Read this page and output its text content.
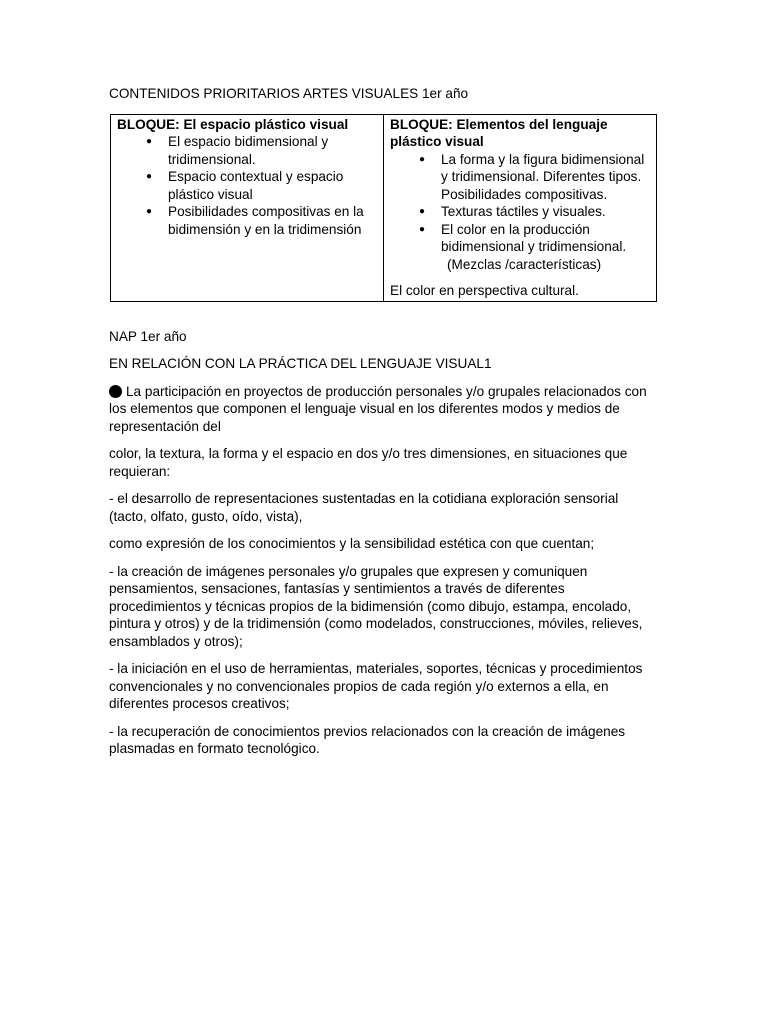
CONTENIDOS PRIORITARIOS ARTES VISUALES 1er año
BLOQUE: El espacio plástico visual
● El espacio bidimensional y tridimensional.
● Espacio contextual y espacio plástico visual
● Posibilidades compositivas en la bidimensión y en la tridimensión

BLOQUE: Elementos del lenguaje plástico visual
● La forma y la figura bidimensional y tridimensional. Diferentes tipos. Posibilidades compositivas.
● Texturas táctiles y visuales.
● El color en la producción bidimensional y tridimensional.
(Mezclas /características)
El color en perspectiva cultural.

NAP 1er año

EN RELACIÓN CON LA PRÁCTICA DEL LENGUAJE VISUAL1

La participación en proyectos de producción personales y/o grupales relacionados con los elementos que componen el lenguaje visual en los diferentes modos y medios de representación del

color, la textura, la forma y el espacio en dos y/o tres dimensiones, en situaciones que requieran:

- el desarrollo de representaciones sustentadas en la cotidiana exploración sensorial (tacto, olfato, gusto, oído, vista),

como expresión de los conocimientos y la sensibilidad estética con que cuentan;

- la creación de imágenes personales y/o grupales que expresen y comuniquen pensamientos, sensaciones, fantasías y sentimientos a través de diferentes procedimientos y técnicas propios de la bidimensión (como dibujo, estampa, encolado, pintura y otros) y de la tridimensión (como modelados, construcciones, móviles, relieves, ensamblados y otros);

- la iniciación en el uso de herramientas, materiales, soportes, técnicas y procedimientos convencionales y no convencionales propios de cada región y/o externos a ella, en diferentes procesos creativos;

- la recuperación de conocimientos previos relacionados con la creación de imágenes plasmadas en formato tecnológico.
